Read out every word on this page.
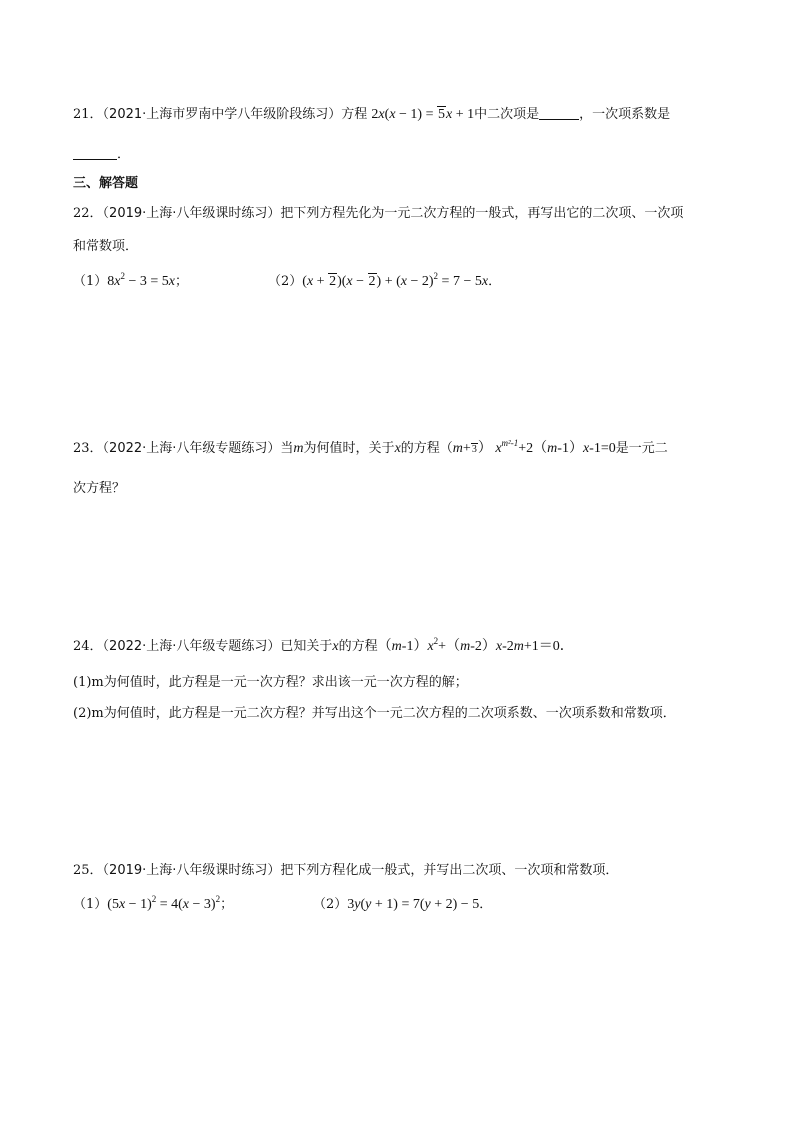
21．（2021·上海市罗南中学八年级阶段练习）方程 2x(x − 1) = 5x + 1中二次项是	，一次项系数是
．
三、解答题
22．（2019·上海·八年级课时练习）把下列方程先化为一元二次方程的一般式，再写出它的二次项、一次项
和常数项．
$(1)8x^2 - 3 = 5x$；	$(2)(x + 2)(x - 2) + (x - 2)^2 = 7 - 5x$．
23．（2022·上海·八年级专题练习）当m为何值时，关于x的方程（m+3） $x^{m^2-1}+2(m-1)x-1=0$是一元二
次方程？
24．（2022·上海·八年级专题练习）已知关于x的方程$(m-1)x^2+(m-2)x-2m+1=0$．
(1)m为何值时，此方程是一元一次方程？求出该一元一次方程的解；
(2)m为何值时，此方程是一元二次方程？并写出这个一元二次方程的二次项系数、一次项系数和常数项．
25．（2019·上海·八年级课时练习）把下列方程化成一般式，并写出二次项、一次项和常数项．
$(1)(5x - 1)^2 = 4(x - 3)^2$；	（2）3y(y + 1) = 7(y + 2) − 5．
